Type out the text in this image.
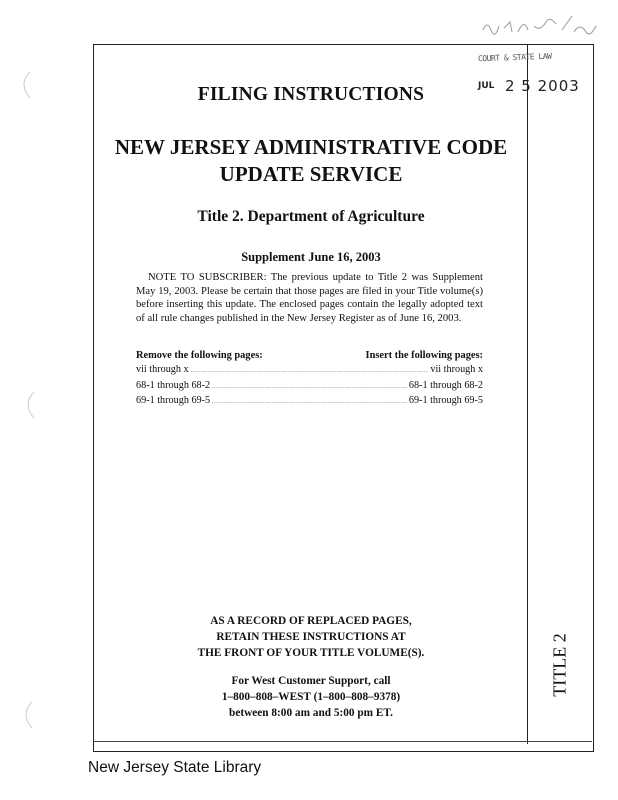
COURT & STATE LAW
JUL 2 5 2003
FILING INSTRUCTIONS
NEW JERSEY ADMINISTRATIVE CODE
UPDATE SERVICE
Title 2. Department of Agriculture
Supplement June 16, 2003
NOTE TO SUBSCRIBER: The previous update to Title 2 was Supplement May 19, 2003. Please be certain that those pages are filed in your Title volume(s) before inserting this update. The enclosed pages contain the legally adopted text of all rule changes published in the New Jersey Register as of June 16, 2003.
Remove the following pages:	Insert the following pages:
vii through x . . .	vii through x
68-1 through 68-2 . . .	68-1 through 68-2
69-1 through 69-5 . . .	69-1 through 69-5
AS A RECORD OF REPLACED PAGES,
RETAIN THESE INSTRUCTIONS AT
THE FRONT OF YOUR TITLE VOLUME(S).
For West Customer Support, call
1–800–808–WEST (1–800–808–9378)
between 8:00 am and 5:00 pm ET.
TITLE 2
New Jersey State Library
